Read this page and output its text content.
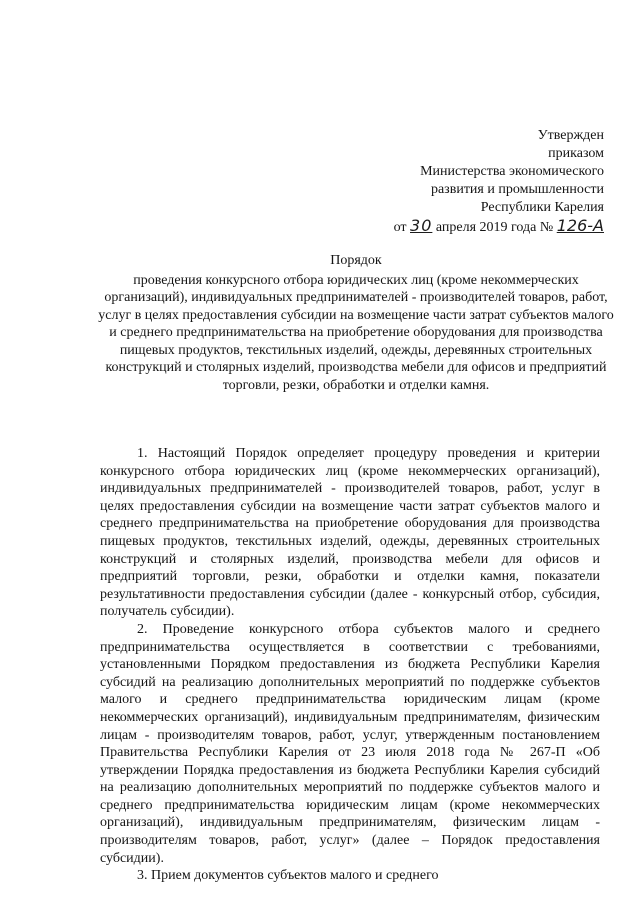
Утвержден
приказом
Министерства экономического
развития и промышленности
Республики Карелия
от 30 апреля 2019 года № 126-А
Порядок
проведения конкурсного отбора юридических лиц (кроме некоммерческих организаций), индивидуальных предпринимателей - производителей товаров, работ, услуг в целях предоставления субсидии на возмещение части затрат субъектов малого и среднего предпринимательства на приобретение оборудования для производства пищевых продуктов, текстильных изделий, одежды, деревянных строительных конструкций и столярных изделий, производства мебели для офисов и предприятий торговли, резки, обработки и отделки камня.

1. Настоящий Порядок определяет процедуру проведения и критерии конкурсного отбора юридических лиц (кроме некоммерческих организаций), индивидуальных предпринимателей - производителей товаров, работ, услуг в целях предоставления субсидии на возмещение части затрат субъектов малого и среднего предпринимательства на приобретение оборудования для производства пищевых продуктов, текстильных изделий, одежды, деревянных строительных конструкций и столярных изделий, производства мебели для офисов и предприятий торговли, резки, обработки и отделки камня, показатели результативности предоставления субсидии (далее - конкурсный отбор, субсидия, получатель субсидии).

2. Проведение конкурсного отбора субъектов малого и среднего предпринимательства осуществляется в соответствии с требованиями, установленными Порядком предоставления из бюджета Республики Карелия субсидий на реализацию дополнительных мероприятий по поддержке субъектов малого и среднего предпринимательства юридическим лицам (кроме некоммерческих организаций), индивидуальным предпринимателям, физическим лицам - производителям товаров, работ, услуг, утвержденным постановлением Правительства Республики Карелия от 23 июля 2018 года № 267-П «Об утверждении Порядка предоставления из бюджета Республики Карелия субсидий на реализацию дополнительных мероприятий по поддержке субъектов малого и среднего предпринимательства юридическим лицам (кроме некоммерческих организаций), индивидуальным предпринимателям, физическим лицам - производителям товаров, работ, услуг» (далее – Порядок предоставления субсидии).

3. Прием документов субъектов малого и среднего
